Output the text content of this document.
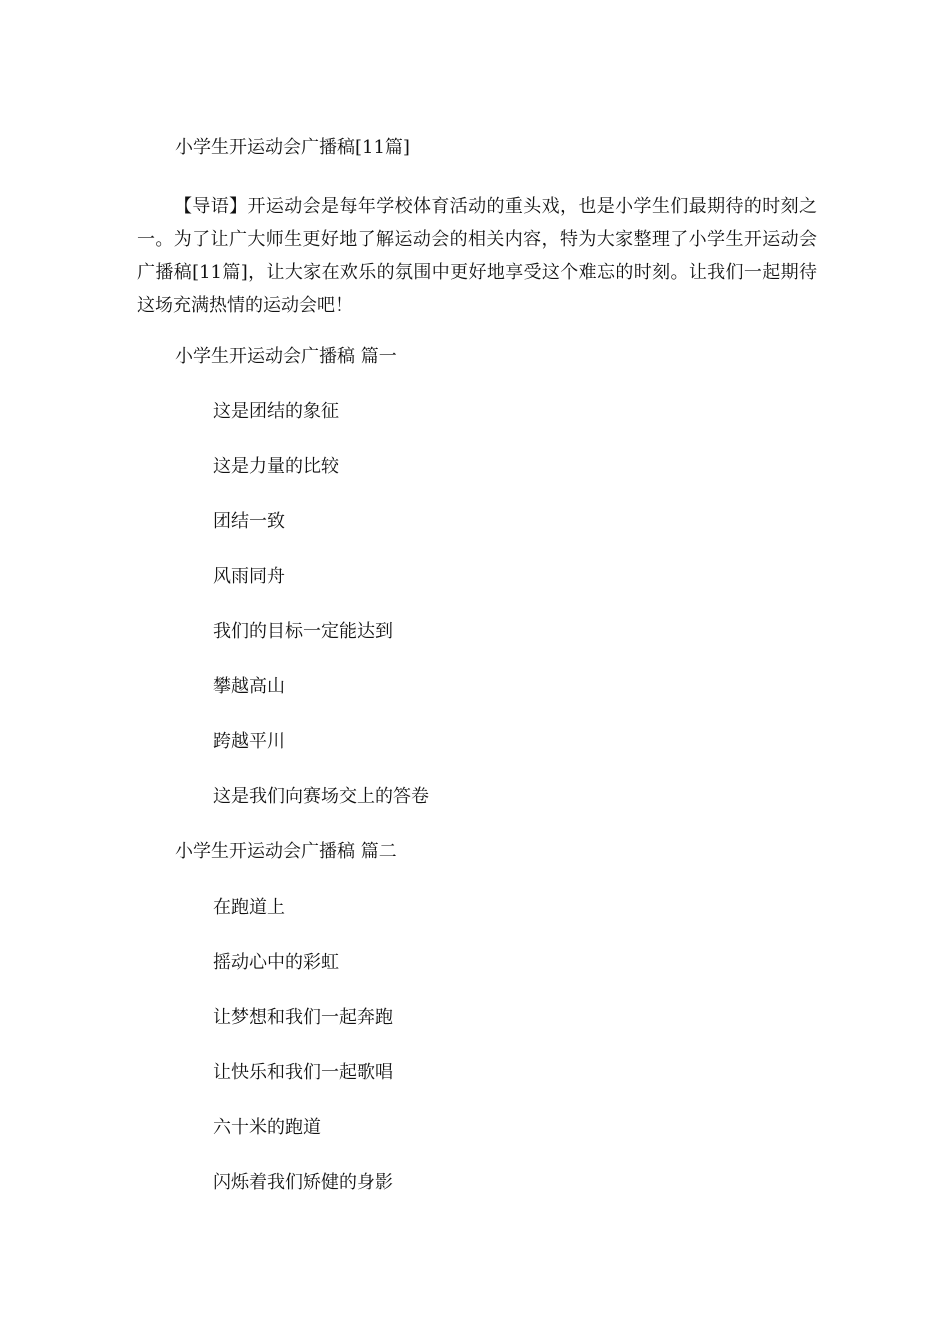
小学生开运动会广播稿[11篇]

【导语】开运动会是每年学校体育活动的重头戏，也是小学生们最期待的时刻之一。为了让广大师生更好地了解运动会的相关内容，特为大家整理了小学生开运动会广播稿[11篇]，让大家在欢乐的氛围中更好地享受这个难忘的时刻。让我们一起期待这场充满热情的运动会吧！

小学生开运动会广播稿 篇一
这是团结的象征
这是力量的比较
团结一致
风雨同舟
我们的目标一定能达到
攀越高山
跨越平川
这是我们向赛场交上的答卷
小学生开运动会广播稿 篇二
在跑道上
摇动心中的彩虹
让梦想和我们一起奔跑
让快乐和我们一起歌唱
六十米的跑道
闪烁着我们矫健的身影
